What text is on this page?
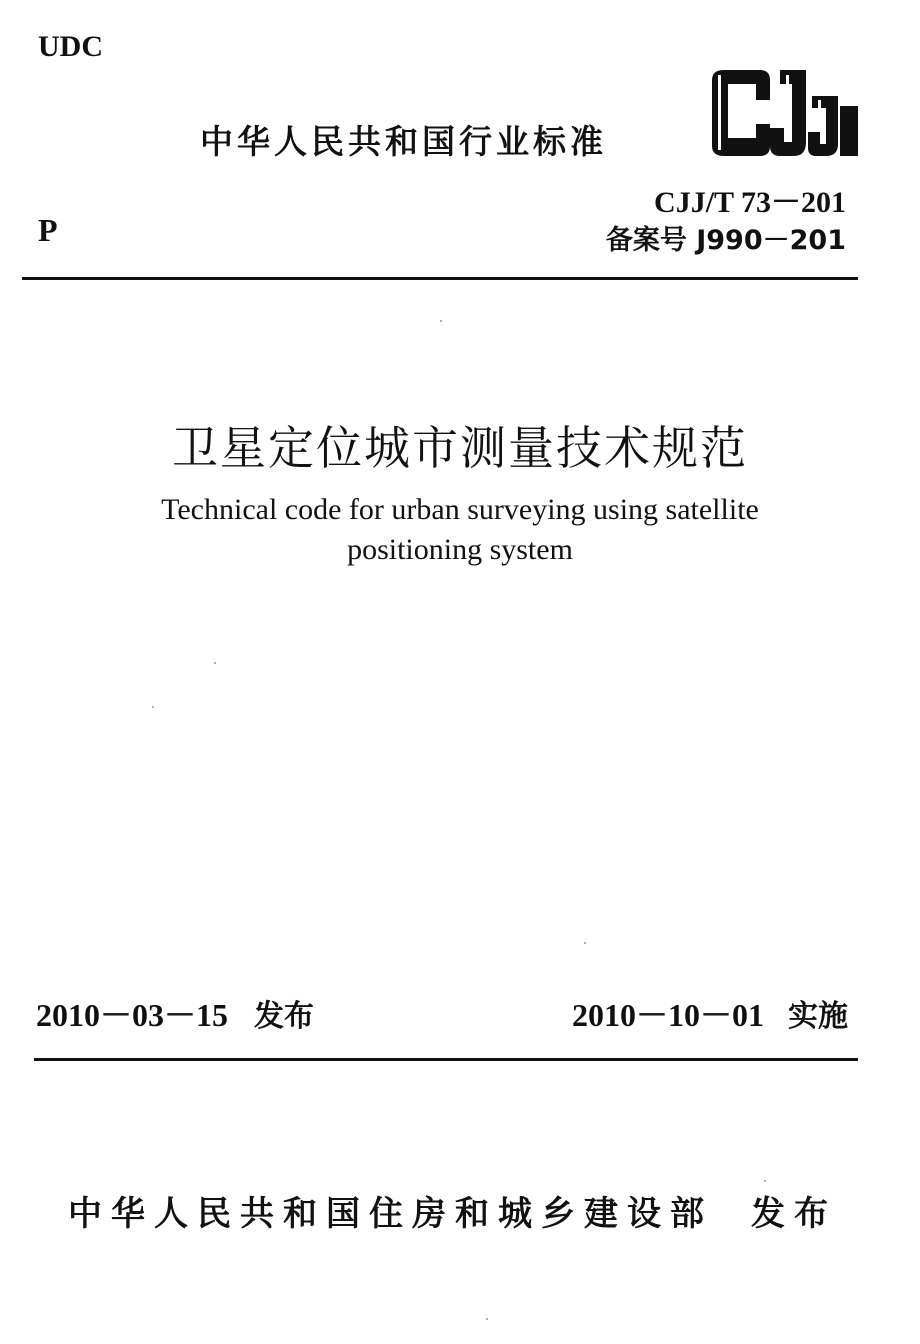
UDC
中华人民共和国行业标准
P
CJJ/T 73－201
备案号 J990－201
卫星定位城市测量技术规范
Technical code for urban surveying using satellite positioning system
2010－03－15 发布	2010－10－01 实施
中华人民共和国住房和城乡建设部 发布
